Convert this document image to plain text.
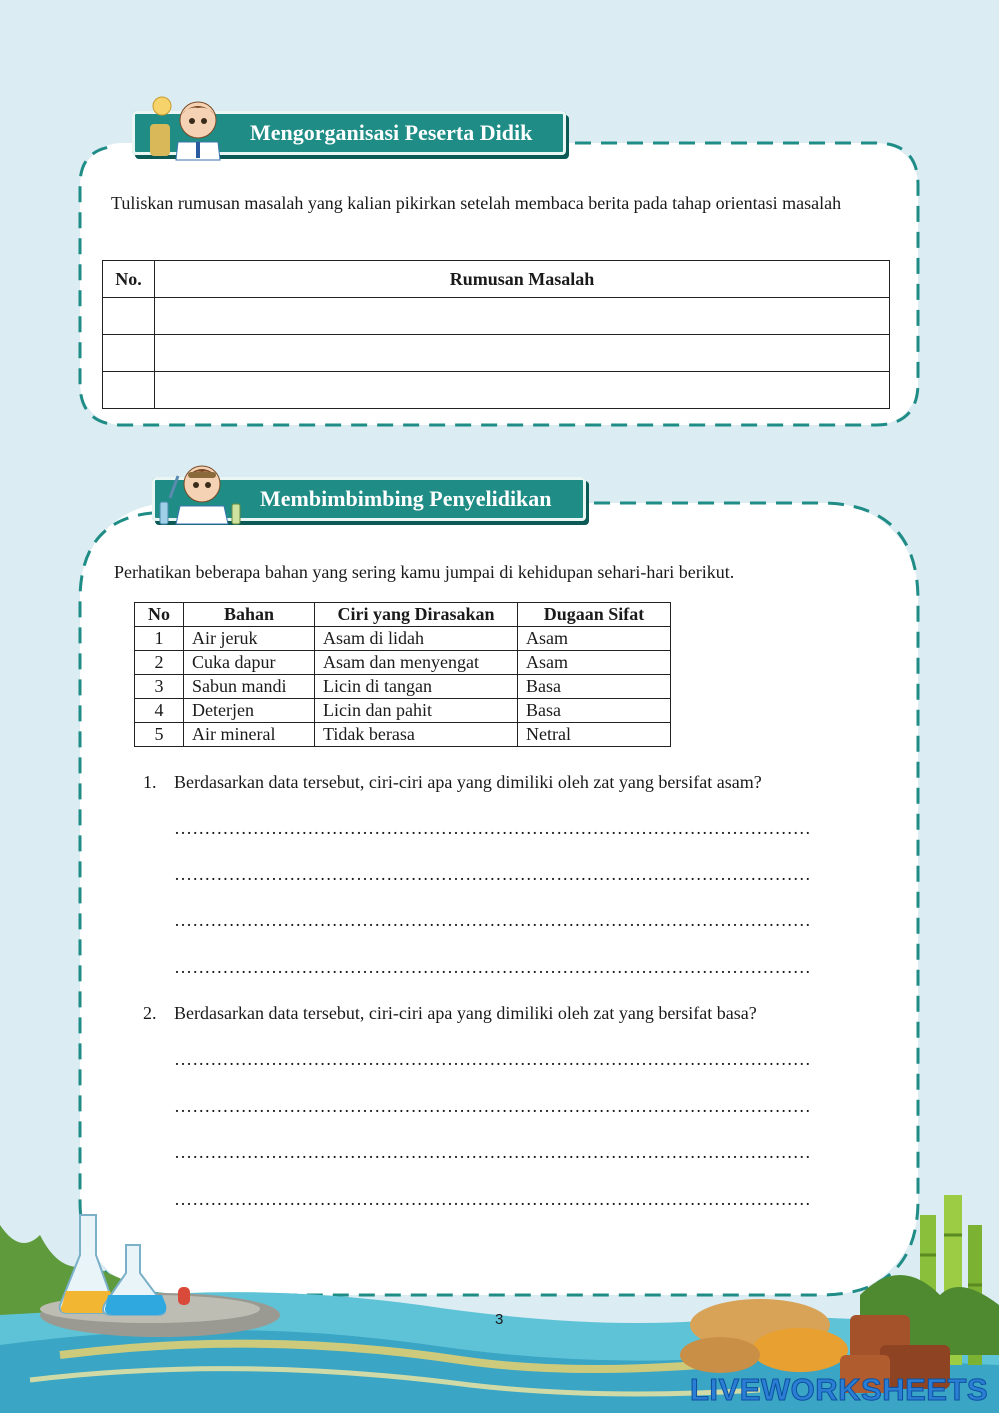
Mengorganisasi Peserta Didik
Tuliskan rumusan masalah yang kalian pikirkan setelah membaca berita pada tahap orientasi masalah
No.	Rumusan Masalah

Membimbimbing Penyelidikan
Perhatikan beberapa bahan yang sering kamu jumpai di kehidupan sehari-hari berikut.
No	Bahan	Ciri yang Dirasakan	Dugaan Sifat
1	Air jeruk	Asam di lidah	Asam
2	Cuka dapur	Asam dan menyengat	Asam
3	Sabun mandi	Licin di tangan	Basa
4	Deterjen	Licin dan pahit	Basa
5	Air mineral	Tidak berasa	Netral
1. Berdasarkan data tersebut, ciri-ciri apa yang dimiliki oleh zat yang bersifat asam?
……………………………………………………………………………………………
……………………………………………………………………………………………
……………………………………………………………………………………………
……………………………………………………………………………………………
2. Berdasarkan data tersebut, ciri-ciri apa yang dimiliki oleh zat yang bersifat basa?
……………………………………………………………………………………………
……………………………………………………………………………………………
……………………………………………………………………………………………
……………………………………………………………………………………………
3
LIVEWORKSHEETS
